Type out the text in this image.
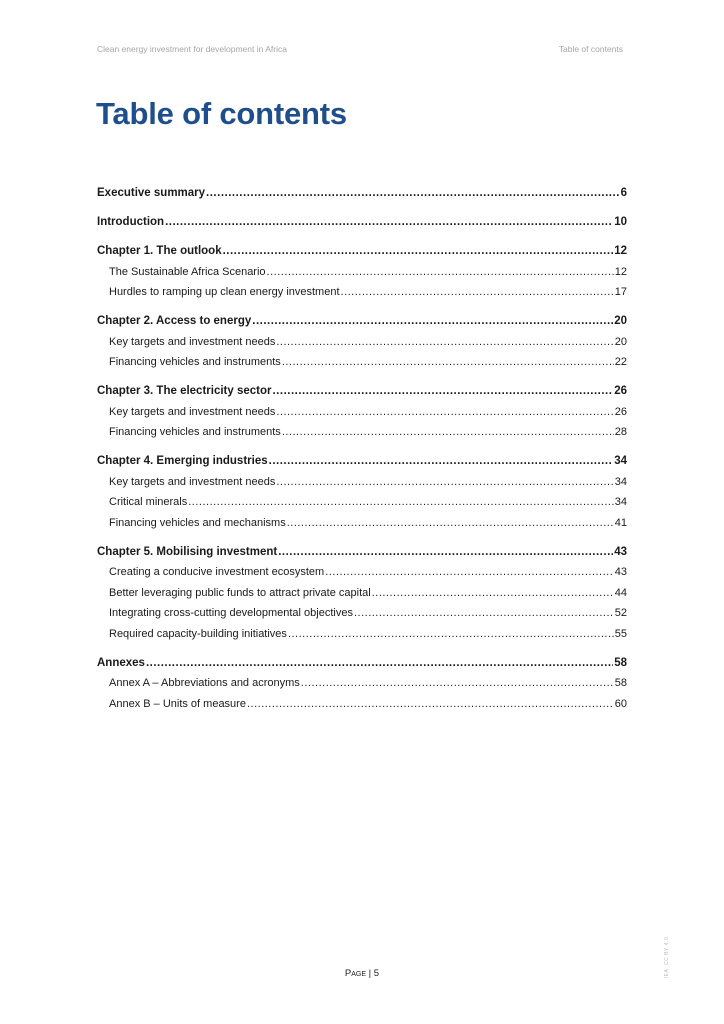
Clean energy investment for development in Africa	Table of contents
Table of contents
Executive summary .....	6
Introduction .....	10
Chapter 1. The outlook .....	12
The Sustainable Africa Scenario .....	12
Hurdles to ramping up clean energy investment .....	17
Chapter 2. Access to energy .....	20
Key targets and investment needs .....	20
Financing vehicles and instruments .....	22
Chapter 3. The electricity sector .....	26
Key targets and investment needs .....	26
Financing vehicles and instruments .....	28
Chapter 4. Emerging industries .....	34
Key targets and investment needs .....	34
Critical minerals .....	34
Financing vehicles and mechanisms .....	41
Chapter 5. Mobilising investment .....	43
Creating a conducive investment ecosystem .....	43
Better leveraging public funds to attract private capital .....	44
Integrating cross-cutting developmental objectives .....	52
Required capacity-building initiatives .....	55
Annexes .....	58
Annex A – Abbreviations and acronyms .....	58
Annex B – Units of measure .....	60
IEA. CC BY 4.0.
Page | 5
